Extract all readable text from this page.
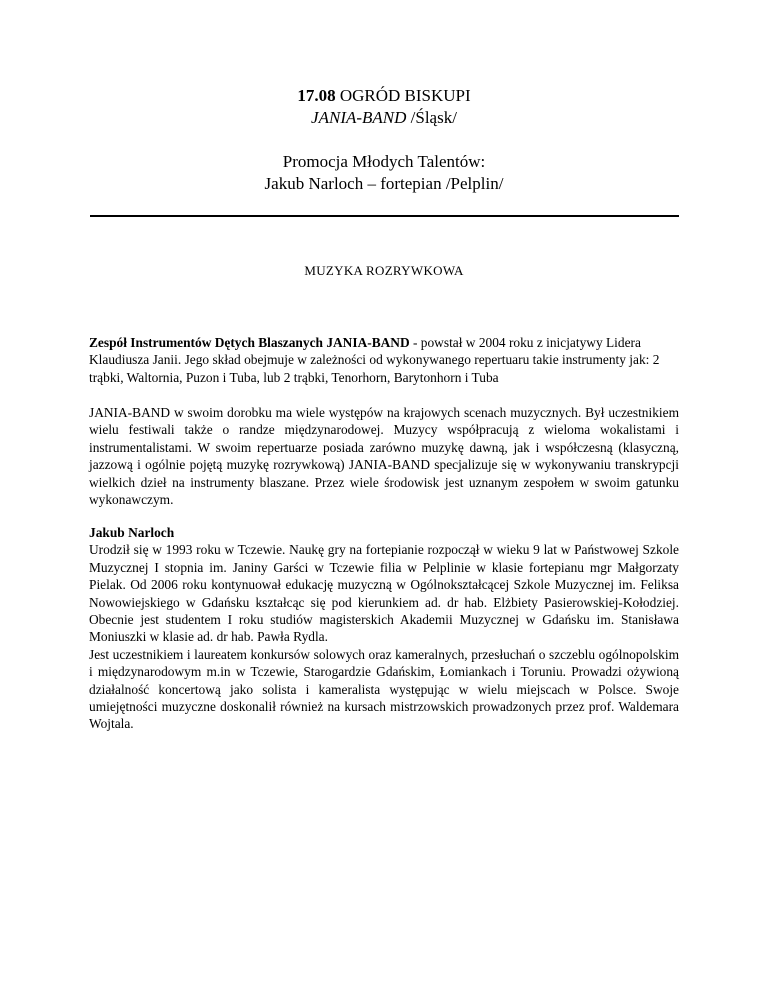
17.08 OGRÓD BISKUPI
JANIA-BAND /Śląsk/
Promocja Młodych Talentów:
Jakub Narloch – fortepian /Pelplin/
MUZYKA ROZRYWKOWA

Zespół Instrumentów Dętych Blaszanych JANIA-BAND - powstał w 2004 roku z inicjatywy Lidera Klaudiusza Janii. Jego skład obejmuje w zależności od wykonywanego repertuaru takie instrumenty jak: 2 trąbki, Waltornia, Puzon i Tuba, lub 2 trąbki, Tenorhorn, Barytonhorn i Tuba

JANIA-BAND w swoim dorobku ma wiele występów na krajowych scenach muzycznych. Był uczestnikiem wielu festiwali także o randze międzynarodowej. Muzycy współpracują z wieloma wokalistami i instrumentalistami. W swoim repertuarze posiada zarówno muzykę dawną, jak i współczesną (klasyczną, jazzową i ogólnie pojętą muzykę rozrywkową) JANIA-BAND specjalizuje się w wykonywaniu transkrypcji wielkich dzieł na instrumenty blaszane. Przez wiele środowisk jest uznanym zespołem w swoim gatunku wykonawczym.

Jakub Narloch

Urodził się w 1993 roku w Tczewie. Naukę gry na fortepianie rozpoczął w wieku 9 lat w Państwowej Szkole Muzycznej I stopnia im. Janiny Garści w Tczewie filia w Pelplinie w klasie fortepianu mgr Małgorzaty Pielak. Od 2006 roku kontynuował edukację muzyczną w Ogólnokształcącej Szkole Muzycznej im. Feliksa Nowowiejskiego w Gdańsku kształcąc się pod kierunkiem ad. dr hab. Elżbiety Pasierowskiej-Kołodziej. Obecnie jest studentem I roku studiów magisterskich Akademii Muzycznej w Gdańsku im. Stanisława Moniuszki w klasie ad. dr hab. Pawła Rydla.

Jest uczestnikiem i laureatem konkursów solowych oraz kameralnych, przesłuchań o szczeblu ogólnopolskim i międzynarodowym m.in w Tczewie, Starogardzie Gdańskim, Łomiankach i Toruniu. Prowadzi ożywioną działalność koncertową jako solista i kameralista występując w wielu miejscach w Polsce. Swoje umiejętności muzyczne doskonalił również na kursach mistrzowskich prowadzonych przez prof. Waldemara Wojtala.
